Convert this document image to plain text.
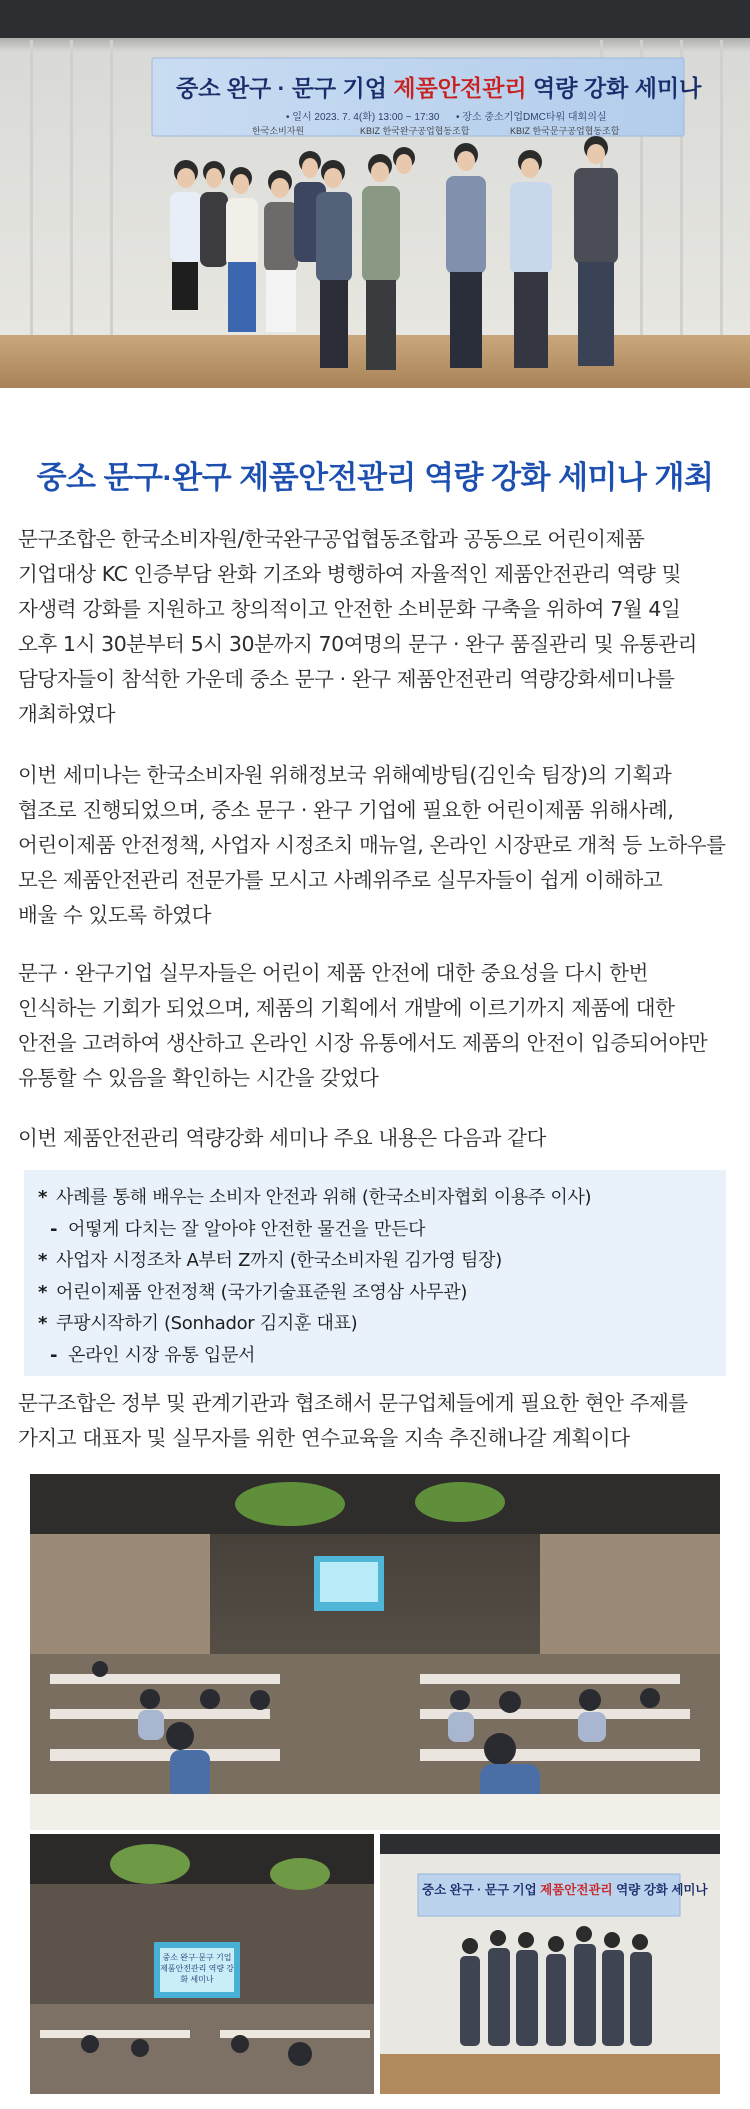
중소 완구 · 문구 기업 제품안전관리 역량 강화 세미나
• 일시 2023. 7. 4(화) 13:00 ~ 17:30 • 장소 중소기업DMC타워 대회의실
한국소비자원	KBIZ 한국완구공업협동조합	KBIZ 한국문구공업협동조합
중소 문구·완구 제품안전관리 역량 강화 세미나 개최
문구조합은 한국소비자원/한국완구공업협동조합과 공동으로 어린이제품
기업대상 KC 인증부담 완화 기조와 병행하여 자율적인 제품안전관리 역량 및
자생력 강화를 지원하고 창의적이고 안전한 소비문화 구축을 위하여 7월 4일
오후 1시 30분부터 5시 30분까지 70여명의 문구 · 완구 품질관리 및 유통관리
담당자들이 참석한 가운데 중소 문구 · 완구 제품안전관리 역량강화세미나를
개최하였다
이번 세미나는 한국소비자원 위해정보국 위해예방팀(김인숙 팀장)의 기획과
협조로 진행되었으며, 중소 문구 · 완구 기업에 필요한 어린이제품 위해사례,
어린이제품 안전정책, 사업자 시정조치 매뉴얼, 온라인 시장판로 개척 등 노하우를
모은 제품안전관리 전문가를 모시고 사례위주로 실무자들이 쉽게 이해하고
배울 수 있도록 하였다
문구 · 완구기업 실무자들은 어린이 제품 안전에 대한 중요성을 다시 한번
인식하는 기회가 되었으며, 제품의 기획에서 개발에 이르기까지 제품에 대한
안전을 고려하여 생산하고 온라인 시장 유통에서도 제품의 안전이 입증되어야만
유통할 수 있음을 확인하는 시간을 갖었다
이번 제품안전관리 역량강화 세미나 주요 내용은 다음과 같다
* 사례를 통해 배우는 소비자 안전과 위해 (한국소비자협회 이용주 이사)
- 어떻게 다치는 잘 알아야 안전한 물건을 만든다
* 사업자 시정조차 A부터 Z까지 (한국소비자원 김가영 팀장)
* 어린이제품 안전정책 (국가기술표준원 조영삼 사무관)
* 쿠팡시작하기 (Sonhador 김지훈 대표)
- 온라인 시장 유통 입문서
문구조합은 정부 및 관계기관과 협조해서 문구업체들에게 필요한 현안 주제를
가지고 대표자 및 실무자를 위한 연수교육을 지속 추진해나갈 계획이다
중소 완구·문구 기업 제품안전관리 역량 강화 세미나
중소 완구 · 문구 기업 제품안전관리 역량 강화 세미나
